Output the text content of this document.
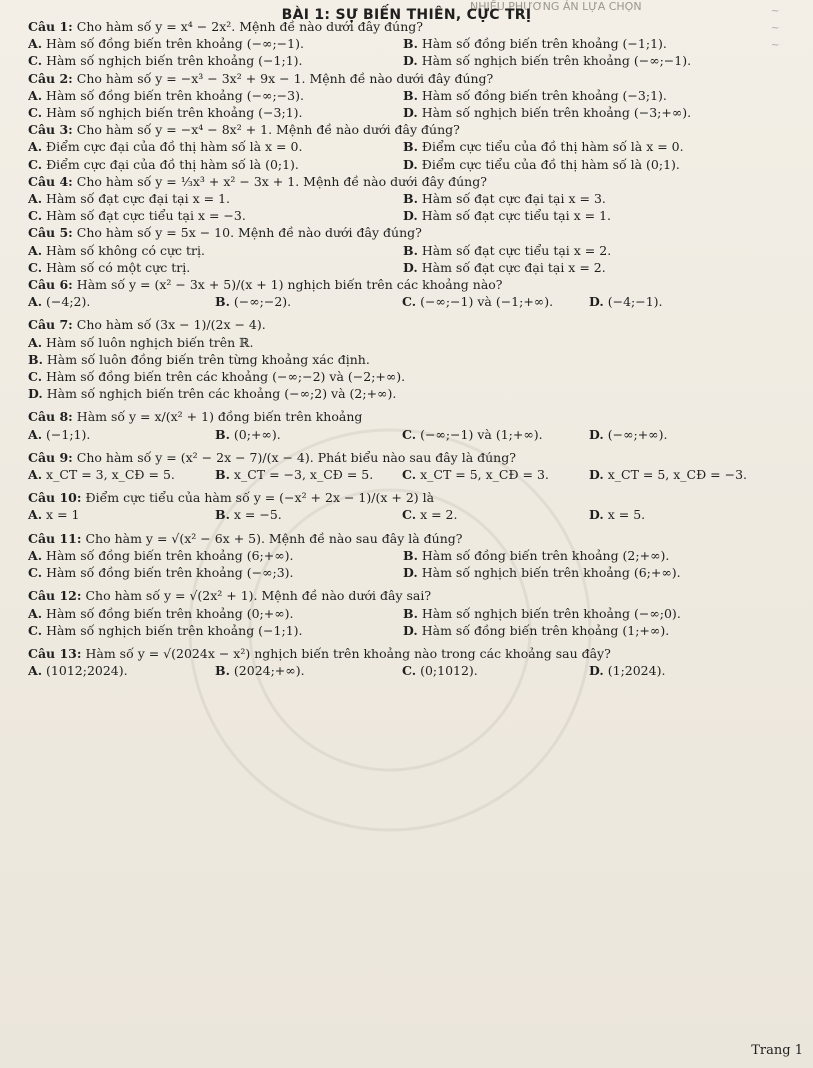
NHIỀU PHƯƠNG ÁN LỰA CHỌN
BÀI 1: SỰ BIẾN THIÊN, CỰC TRỊ	~
~
~
Câu 1: Cho hàm số y = x⁴ − 2x². Mệnh đề nào dưới đây đúng?
A. Hàm số đồng biến trên khoảng (−∞;−1).	B. Hàm số đồng biến trên khoảng (−1;1).
C. Hàm số nghịch biến trên khoảng (−1;1).	D. Hàm số nghịch biến trên khoảng (−∞;−1).
Câu 2: Cho hàm số y = −x³ − 3x² + 9x − 1. Mệnh đề nào dưới đây đúng?
A. Hàm số đồng biến trên khoảng (−∞;−3).	B. Hàm số đồng biến trên khoảng (−3;1).
C. Hàm số nghịch biến trên khoảng (−3;1).	D. Hàm số nghịch biến trên khoảng (−3;+∞).
Câu 3: Cho hàm số y = −x⁴ − 8x² + 1. Mệnh đề nào dưới đây đúng?
A. Điểm cực đại của đồ thị hàm số là x = 0.	B. Điểm cực tiểu của đồ thị hàm số là x = 0.
C. Điểm cực đại của đồ thị hàm số là (0;1).	D. Điểm cực tiểu của đồ thị hàm số là (0;1).
Câu 4: Cho hàm số y = ⅓x³ + x² − 3x + 1. Mệnh đề nào dưới đây đúng?
A. Hàm số đạt cực đại tại x = 1.	B. Hàm số đạt cực đại tại x = 3.
C. Hàm số đạt cực tiểu tại x = −3.	D. Hàm số đạt cực tiểu tại x = 1.
Câu 5: Cho hàm số y = 5x − 10. Mệnh đề nào dưới đây đúng?
A. Hàm số không có cực trị.	B. Hàm số đạt cực tiểu tại x = 2.
C. Hàm số có một cực trị.	D. Hàm số đạt cực đại tại x = 2.
Câu 6: Hàm số y = (x² − 3x + 5)/(x + 1) nghịch biến trên các khoảng nào?
A. (−4;2).	B. (−∞;−2).	C. (−∞;−1) và (−1;+∞).	D. (−4;−1).
Câu 7: Cho hàm số (3x − 1)/(2x − 4).
A. Hàm số luôn nghịch biến trên ℝ.
B. Hàm số luôn đồng biến trên từng khoảng xác định.
C. Hàm số đồng biến trên các khoảng (−∞;−2) và (−2;+∞).
D. Hàm số nghịch biến trên các khoảng (−∞;2) và (2;+∞).
Câu 8: Hàm số y = x/(x² + 1) đồng biến trên khoảng
A. (−1;1).	B. (0;+∞).	C. (−∞;−1) và (1;+∞).	D. (−∞;+∞).
Câu 9: Cho hàm số y = (x² − 2x − 7)/(x − 4). Phát biểu nào sau đây là đúng?
A. x_CT = 3, x_CĐ = 5.	B. x_CT = −3, x_CĐ = 5.	C. x_CT = 5, x_CĐ = 3.	D. x_CT = 5, x_CĐ = −3.
Câu 10: Điểm cực tiểu của hàm số y = (−x² + 2x − 1)/(x + 2) là
A. x = 1	B. x = −5.	C. x = 2.	D. x = 5.
Câu 11: Cho hàm y = √(x² − 6x + 5). Mệnh đề nào sau đây là đúng?
A. Hàm số đồng biến trên khoảng (6;+∞).	B. Hàm số đồng biến trên khoảng (2;+∞).
C. Hàm số đồng biến trên khoảng (−∞;3).	D. Hàm số nghịch biến trên khoảng (6;+∞).
Câu 12: Cho hàm số y = √(2x² + 1). Mệnh đề nào dưới đây sai?
A. Hàm số đồng biến trên khoảng (0;+∞).	B. Hàm số nghịch biến trên khoảng (−∞;0).
C. Hàm số nghịch biến trên khoảng (−1;1).	D. Hàm số đồng biến trên khoảng (1;+∞).
Câu 13: Hàm số y = √(2024x − x²) nghịch biến trên khoảng nào trong các khoảng sau đây?
A. (1012;2024).	B. (2024;+∞).	C. (0;1012).	D. (1;2024).
Trang 1
